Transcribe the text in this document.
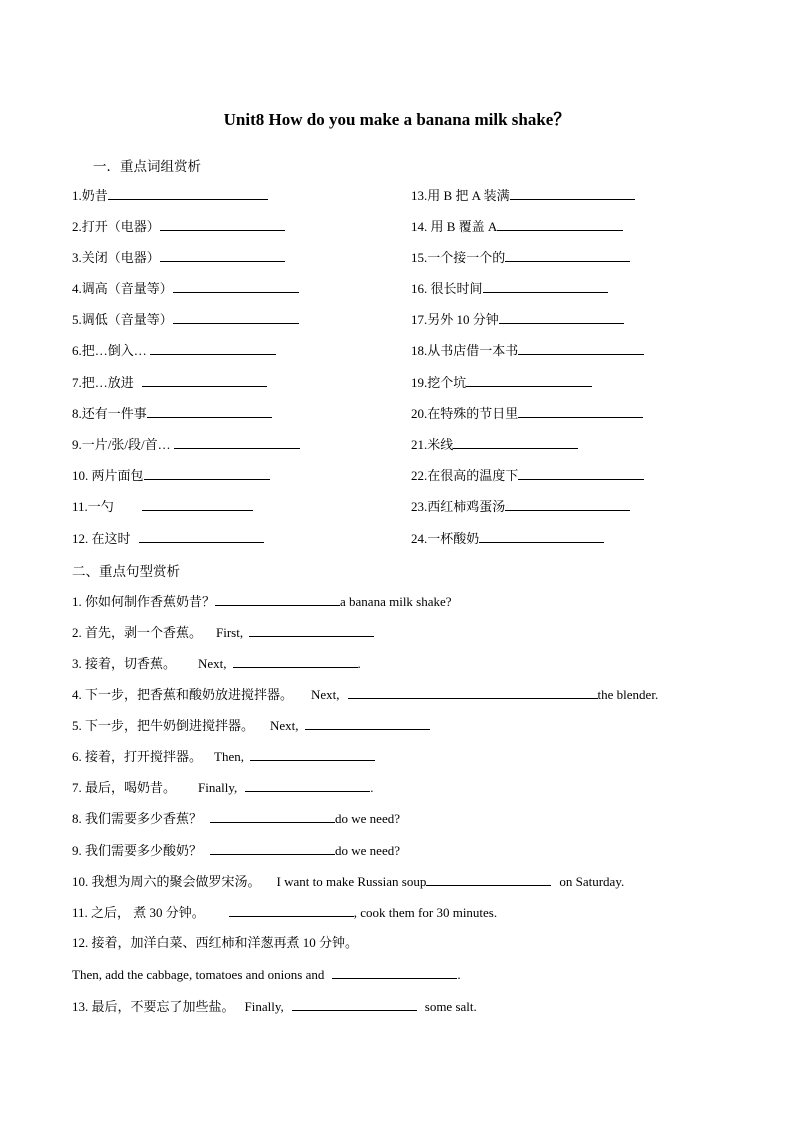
Unit8 How do you make a banana milk shake？
一．重点词组赏析
1.奶昔
2.打开（电器）
3.关闭（电器）
4.调高（音量等）
5.调低（音量等）
6.把…倒入…
7.把…放进
8.还有一件事
9.一片/张/段/首…
10. 两片面包
11.一勺
12. 在这时
13.用 B 把 A 装满
14. 用 B 覆盖 A
15.一个接一个的
16. 很长时间
17.另外 10 分钟
18.从书店借一本书
19.挖个坑
20.在特殊的节日里
21.米线
22.在很高的温度下
23.西红柿鸡蛋汤
24.一杯酸奶
二、重点句型赏析
1. 你如何制作香蕉奶昔？	a banana milk shake?
2. 首先，剥一个香蕉。 First,
3. 接着，切香蕉。 Next,	.
4. 下一步，把香蕉和酸奶放进搅拌器。 Next,	the blender.
5. 下一步，把牛奶倒进搅拌器。 Next,
6. 接着，打开搅拌器。 Then,
7. 最后，喝奶昔。 Finally,	.
8. 我们需要多少香蕉？	do we need?
9. 我们需要多少酸奶？	do we need?
10. 我想为周六的聚会做罗宋汤。 I want to make Russian soup	on Saturday.
11. 之后， 煮 30 分钟。	, cook them for 30 minutes.
12. 接着，加洋白菜、西红柿和洋葱再煮 10 分钟。
Then, add the cabbage, tomatoes and onions and	.
13. 最后，不要忘了加些盐。 Finally,	some salt.
